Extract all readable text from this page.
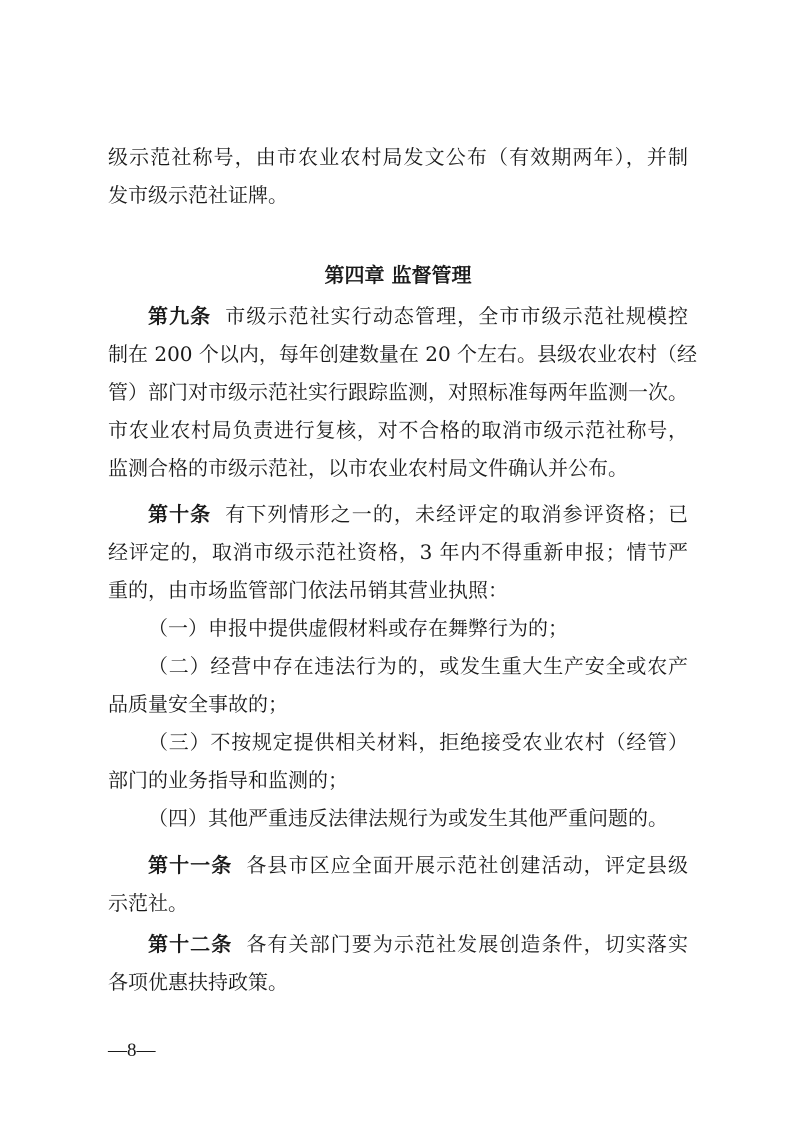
级示范社称号，由市农业农村局发文公布（有效期两年），并制
发市级示范社证牌。
第四章 监督管理
第九条 市级示范社实行动态管理，全市市级示范社规模控
制在 200 个以内，每年创建数量在 20 个左右。县级农业农村（经
管）部门对市级示范社实行跟踪监测，对照标准每两年监测一次。
市农业农村局负责进行复核，对不合格的取消市级示范社称号，
监测合格的市级示范社，以市农业农村局文件确认并公布。
第十条 有下列情形之一的，未经评定的取消参评资格；已
经评定的，取消市级示范社资格，3 年内不得重新申报；情节严
重的，由市场监管部门依法吊销其营业执照：
（一）申报中提供虚假材料或存在舞弊行为的；
（二）经营中存在违法行为的，或发生重大生产安全或农产
品质量安全事故的；
（三）不按规定提供相关材料，拒绝接受农业农村（经管）
部门的业务指导和监测的；
（四）其他严重违反法律法规行为或发生其他严重问题的。
第十一条 各县市区应全面开展示范社创建活动，评定县级
示范社。
第十二条 各有关部门要为示范社发展创造条件，切实落实
各项优惠扶持政策。
—8—
